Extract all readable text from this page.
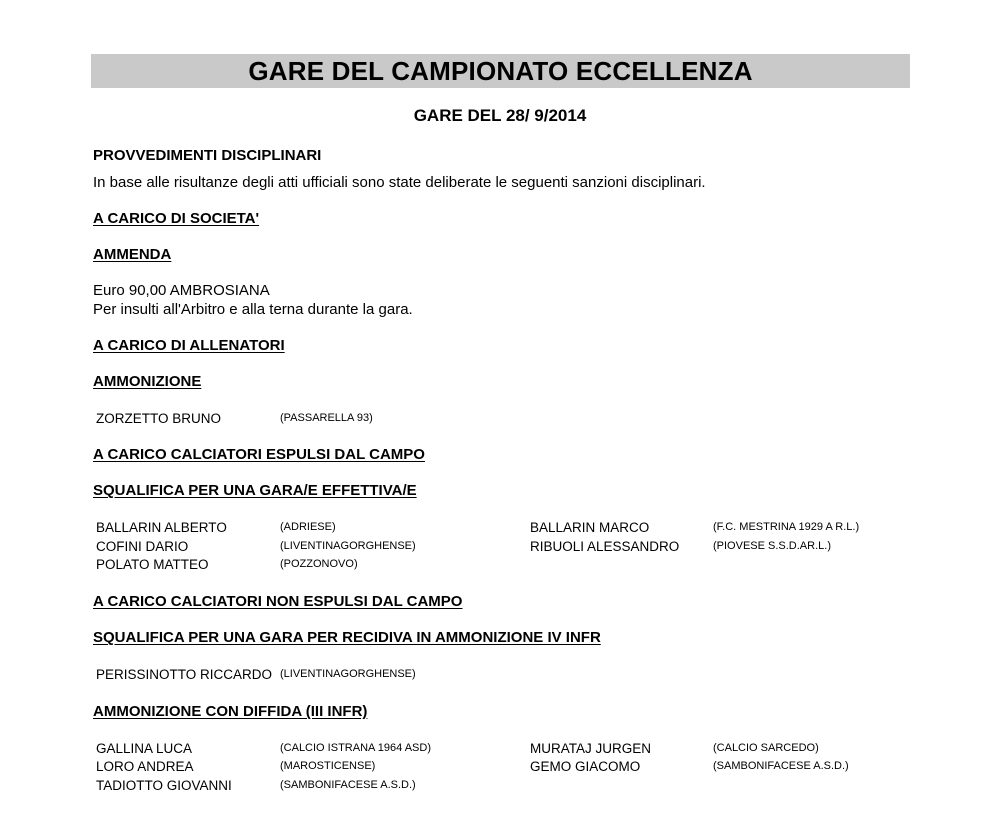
GARE DEL CAMPIONATO ECCELLENZA
GARE DEL 28/ 9/2014
PROVVEDIMENTI DISCIPLINARI
In base alle risultanze degli atti ufficiali sono state deliberate le seguenti sanzioni disciplinari.
A CARICO DI SOCIETA'
AMMENDA
Euro 90,00 AMBROSIANA
Per insulti all'Arbitro e alla terna durante la gara.
A CARICO DI ALLENATORI
AMMONIZIONE
ZORZETTO BRUNO	(PASSARELLA 93)
A CARICO CALCIATORI ESPULSI DAL CAMPO
SQUALIFICA PER UNA GARA/E EFFETTIVA/E
BALLARIN ALBERTO	(ADRIESE)	BALLARIN MARCO	(F.C. MESTRINA 1929 A R.L.)
COFINI DARIO	(LIVENTINAGORGHENSE)	RIBUOLI ALESSANDRO	(PIOVESE S.S.D.AR.L.)
POLATO MATTEO	(POZZONOVO)
A CARICO CALCIATORI NON ESPULSI DAL CAMPO
SQUALIFICA PER UNA GARA PER RECIDIVA IN AMMONIZIONE IV INFR
PERISSINOTTO RICCARDO (LIVENTINAGORGHENSE)
AMMONIZIONE CON DIFFIDA (III INFR)
GALLINA LUCA	(CALCIO ISTRANA 1964 ASD)	MURATAJ JURGEN	(CALCIO SARCEDO)
LORO ANDREA	(MAROSTICENSE)	GEMO GIACOMO	(SAMBONIFACESE A.S.D.)
TADIOTTO GIOVANNI	(SAMBONIFACESE A.S.D.)
